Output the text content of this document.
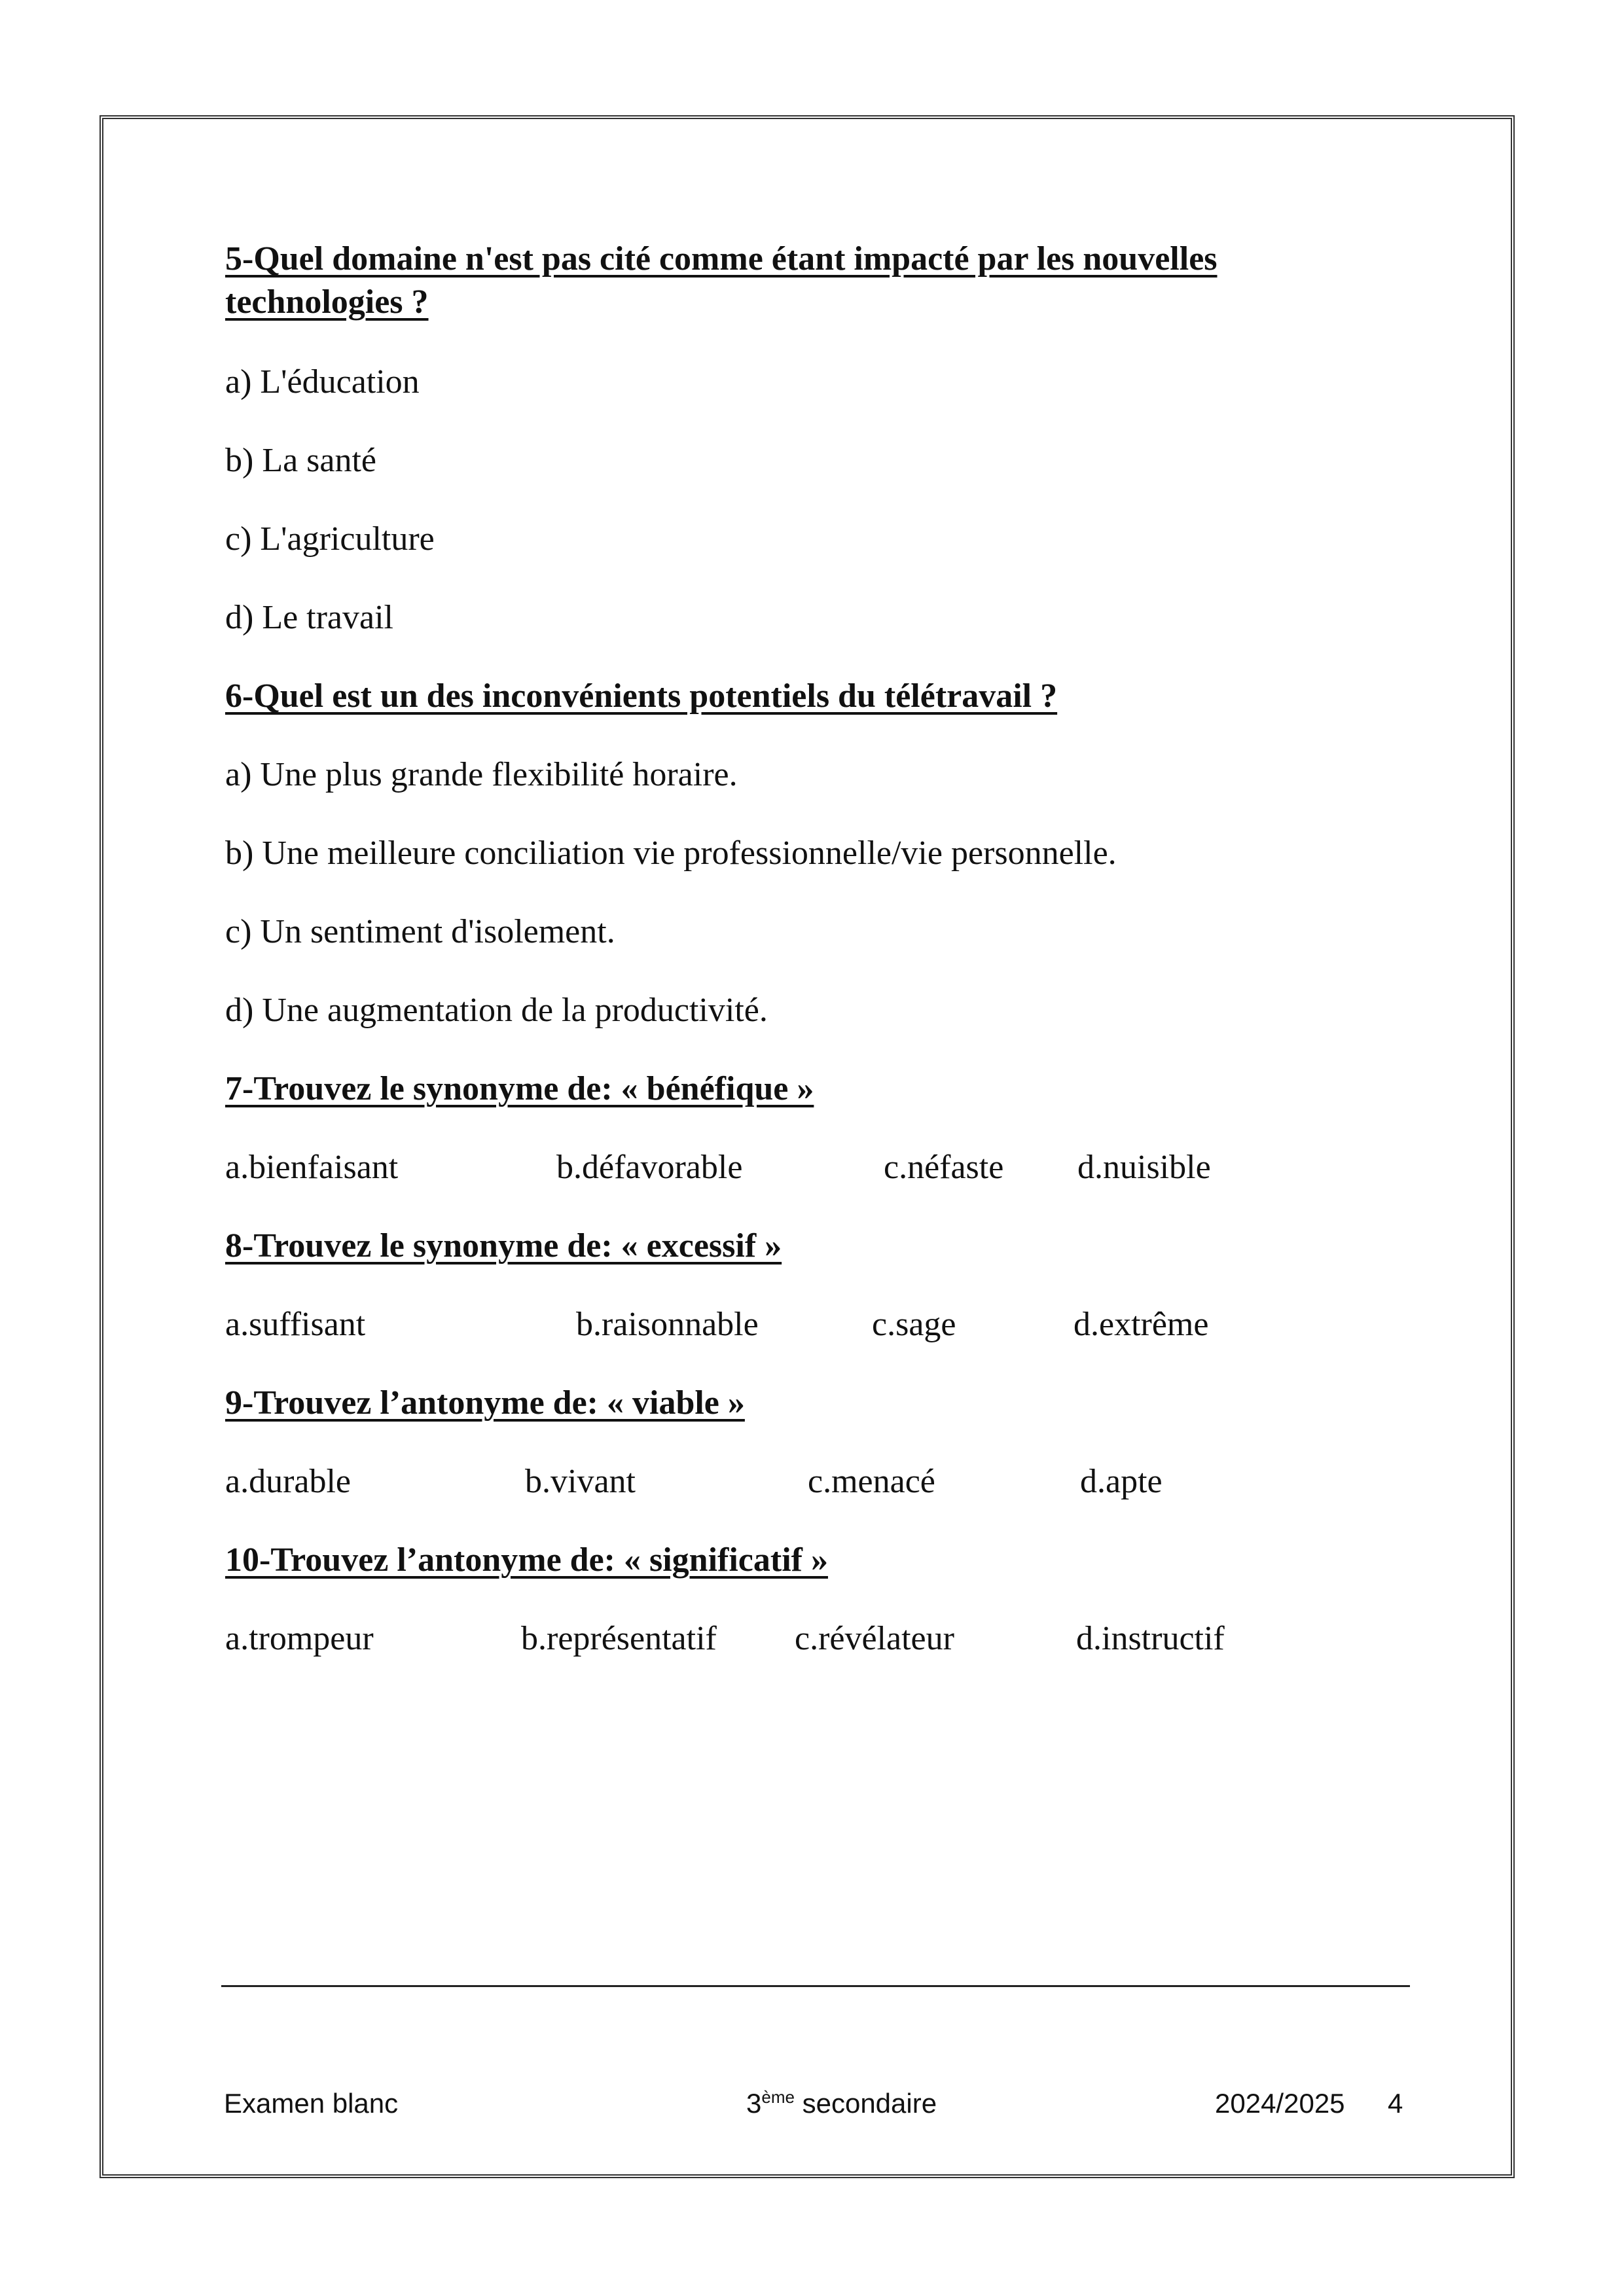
5-Quel domaine n'est pas cité comme étant impacté par les nouvelles

technologies ?

a) L'éducation

b) La santé

c) L'agriculture

d) Le travail

6-Quel est un des inconvénients potentiels du télétravail ?

a) Une plus grande flexibilité horaire.

b) Une meilleure conciliation vie professionnelle/vie personnelle.

c) Un sentiment d'isolement.

d) Une augmentation de la productivité.

7-Trouvez le synonyme de: « bénéfique »

a.bienfaisant	b.défavorable	c.néfaste d.nuisible

8-Trouvez le synonyme de: « excessif »

a.suffisant	b.raisonnable	c.sage	d.extrême

9-Trouvez l’antonyme de: « viable »

a.durable	b.vivant	c.menacé	d.apte

10-Trouvez l’antonyme de: « significatif »

a.trompeur	b.représentatif c.révélateur	d.instructif
Examen blanc	3ème secondaire	2024/2025 4
